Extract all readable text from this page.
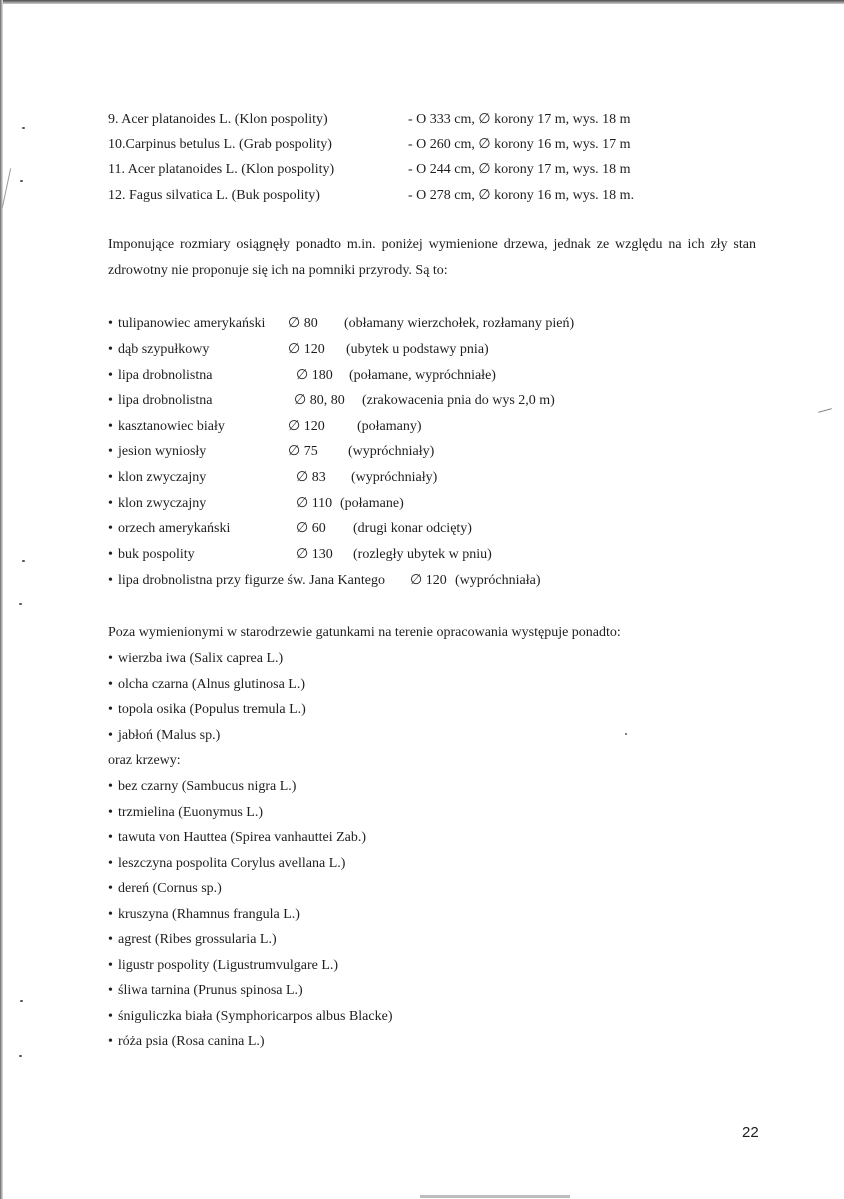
9. Acer platanoides L. (Klon pospolity)	- O 333 cm, ∅ korony 17 m, wys. 18 m
10.Carpinus betulus L. (Grab pospolity)	- O 260 cm, ∅ korony 16 m, wys. 17 m
11. Acer platanoides L. (Klon pospolity)	- O 244 cm, ∅ korony 17 m, wys. 18 m
12. Fagus silvatica L. (Buk pospolity)	- O 278 cm, ∅ korony 16 m, wys. 18 m.
Imponujące rozmiary osiągnęły ponadto m.in. poniżej wymienione drzewa, jednak ze względu na ich zły stan zdrowotny nie proponuje się ich na pomniki przyrody. Są to:
• tulipanowiec amerykański ∅ 80 (obłamany wierzchołek, rozłamany pień)
• dąb szypułkowy	∅ 120 (ubytek u podstawy pnia)
• lipa drobnolistna	∅ 180 (połamane, wypróchniałe)
• lipa drobnolistna	∅ 80, 80 (zrakowacenia pnia do wys 2,0 m)
• kasztanowiec biały	∅ 120 (połamany)
• jesion wyniosły	∅ 75 (wypróchniały)
• klon zwyczajny	∅ 83 (wypróchniały)
• klon zwyczajny	∅ 110 (połamane)
• orzech amerykański	∅ 60 (drugi konar odcięty)
• buk pospolity	∅ 130 (rozległy ubytek w pniu)
• lipa drobnolistna przy figurze św. Jana Kantego ∅ 120 (wypróchniała)
Poza wymienionymi w starodrzewie gatunkami na terenie opracowania występuje ponadto:
• wierzba iwa (Salix caprea L.)
• olcha czarna (Alnus glutinosa L.)
• topola osika (Populus tremula L.)
• jabłoń (Malus sp.)
oraz krzewy:
• bez czarny (Sambucus nigra L.)
• trzmielina (Euonymus L.)
• tawuta von Hauttea (Spirea vanhauttei Zab.)
• leszczyna pospolita Corylus avellana L.)
• dereń (Cornus sp.)
• kruszyna (Rhamnus frangula L.)
• agrest (Ribes grossularia L.)
• ligustr pospolity (Ligustrumvulgare L.)
• śliwa tarnina (Prunus spinosa L.)
• śniguliczka biała (Symphoricarpos albus Blacke)
• róża psia (Rosa canina L.)
22
